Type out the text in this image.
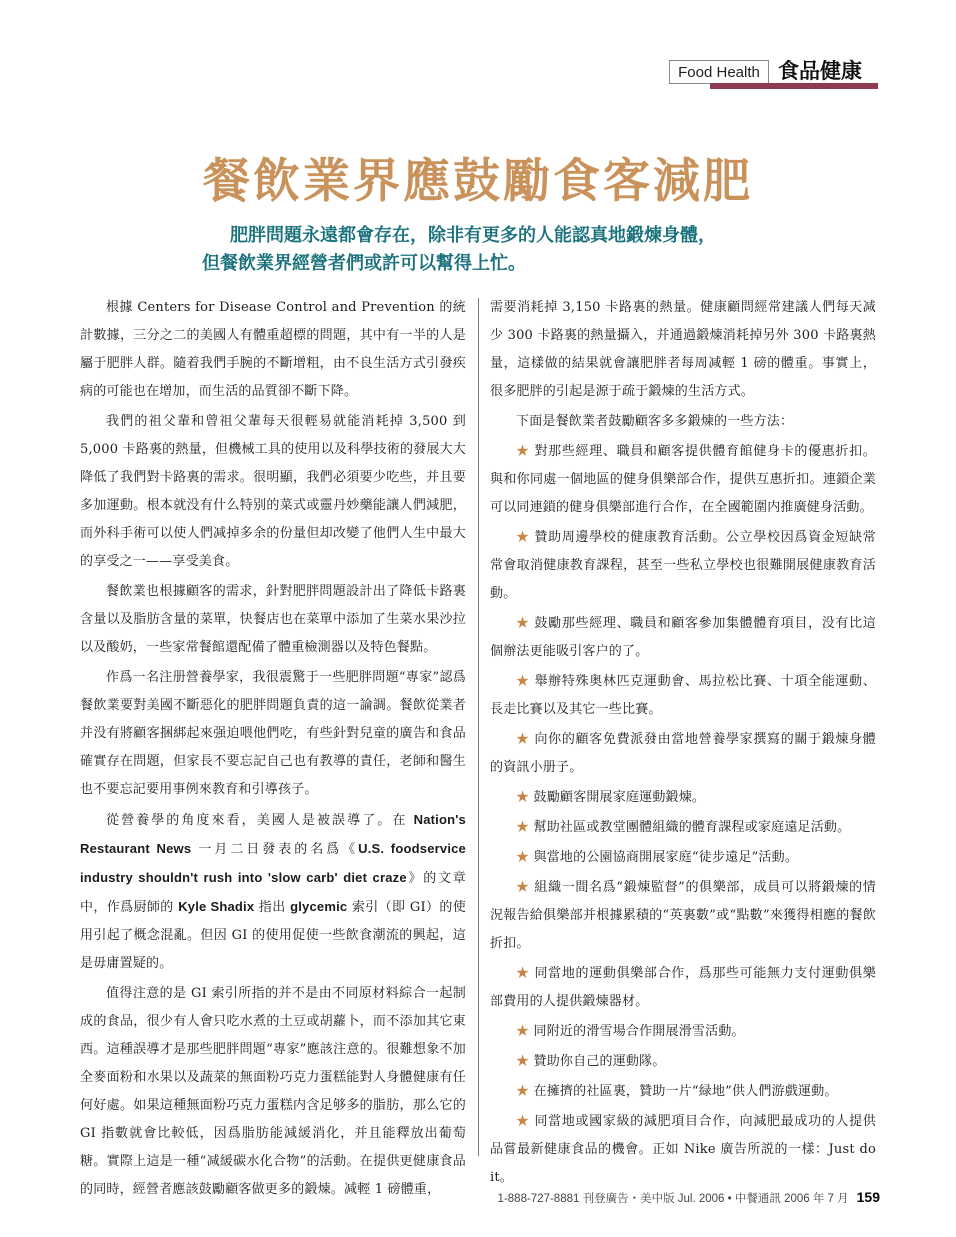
Food Health 食品健康
餐飲業界應鼓勵食客減肥
肥胖問題永遠都會存在，除非有更多的人能認真地鍛煉身體，
但餐飲業界經營者們或許可以幫得上忙。

根據 Centers for Disease Control and Prevention 的統計數據，三分之二的美國人有體重超標的問題，其中有一半的人是屬于肥胖人群。隨着我們手腕的不斷增粗，由不良生活方式引發疾病的可能也在增加，而生活的品質卻不斷下降。

我們的祖父輩和曾祖父輩每天很輕易就能消耗掉 3,500 到 5,000 卡路裏的熱量，但機械工具的使用以及科學技術的發展大大降低了我們對卡路裏的需求。很明顯，我們必須要少吃些，并且要多加運動。根本就没有什么特别的菜式或靈丹妙藥能讓人們減肥，而外科手術可以使人們减掉多余的份量但却改變了他們人生中最大的享受之一——享受美食。

餐飲業也根據顧客的需求，針對肥胖問題設計出了降低卡路裏含量以及脂肪含量的菜單，快餐店也在菜單中添加了生菜水果沙拉以及酸奶，一些家常餐館還配備了體重檢測器以及特色餐點。

作爲一名注册營養學家，我很震驚于一些肥胖問題“專家”認爲餐飲業要對美國不斷惡化的肥胖問題負責的這一論調。餐飲從業者并没有將顧客捆綁起來强迫喂他們吃，有些針對兒童的廣告和食品確實存在問題，但家長不要忘記自己也有教導的責任，老師和醫生也不要忘記要用事例來教育和引導孩子。

從營養學的角度來看，美國人是被誤導了。在 Nation's Restaurant News 一月二日發表的名爲《U.S. foodservice industry shouldn't rush into 'slow carb' diet craze》的文章中，作爲厨師的 Kyle Shadix 指出 glycemic 索引（即 GI）的使用引起了概念混亂。但因 GI 的使用促使一些飲食潮流的興起，這是毋庸置疑的。

值得注意的是 GI 索引所指的并不是由不同原材料綜合一起制成的食品，很少有人會只吃水煮的土豆或胡蘿卜，而不添加其它東西。這種誤導才是那些肥胖問題“專家”應該注意的。很難想象不加全麥面粉和水果以及蔬菜的無面粉巧克力蛋糕能對人身體健康有任何好處。如果這種無面粉巧克力蛋糕内含足够多的脂肪，那么它的 GI 指數就會比較低，因爲脂肪能減緩消化，并且能釋放出葡萄糖。實際上這是一種“减緩碳水化合物”的活動。在提供更健康食品的同時，經營者應該鼓勵顧客做更多的鍛煉。减輕 1 磅體重，

需要消耗掉 3,150 卡路裏的熱量。健康顧問經常建議人們每天减少 300 卡路裏的熱量攝入，并通過鍛煉消耗掉另外 300 卡路裏熱量，這樣做的結果就會讓肥胖者每周减輕 1 磅的體重。事實上，很多肥胖的引起是源于疏于鍛煉的生活方式。

下面是餐飲業者鼓勵顧客多多鍛煉的一些方法：

★ 對那些經理、職員和顧客提供體育館健身卡的優惠折扣。與和你同處一個地區的健身俱樂部合作，提供互惠折扣。連鎖企業可以同連鎖的健身俱樂部進行合作，在全國範圍内推廣健身活動。

★ 贊助周邊學校的健康教育活動。公立學校因爲資金短缺常常會取消健康教育課程，甚至一些私立學校也很難開展健康教育活動。

★ 鼓勵那些經理、職員和顧客參加集體體育項目，没有比這個辦法更能吸引客户的了。

★ 舉辦特殊奥林匹克運動會、馬拉松比賽、十項全能運動、長走比賽以及其它一些比賽。

★ 向你的顧客免費派發由當地營養學家撰寫的關于鍛煉身體的資訊小册子。

★ 鼓勵顧客開展家庭運動鍛煉。

★ 幫助社區或教堂團體組織的體育課程或家庭遠足活動。

★ 與當地的公園協商開展家庭“徒步遠足”活動。

★ 組織一間名爲“鍛煉監督”的俱樂部，成員可以將鍛煉的情況報告給俱樂部并根據累積的“英裏數”或“點數”來獲得相應的餐飲折扣。

★ 同當地的運動俱樂部合作，爲那些可能無力支付運動俱樂部費用的人提供鍛煉器材。

★ 同附近的滑雪場合作開展滑雪活動。

★ 贊助你自己的運動隊。

★ 在擁擠的社區裏，贊助一片“緑地”供人們游戲運動。

★ 同當地或國家級的減肥項目合作，向減肥最成功的人提供品嘗最新健康食品的機會。正如 Nike 廣告所説的一樣：Just do it。

1-888-727-8881 刊登廣告・美中版 Jul. 2006 • 中餐通訊 2006 年 7 月 159
